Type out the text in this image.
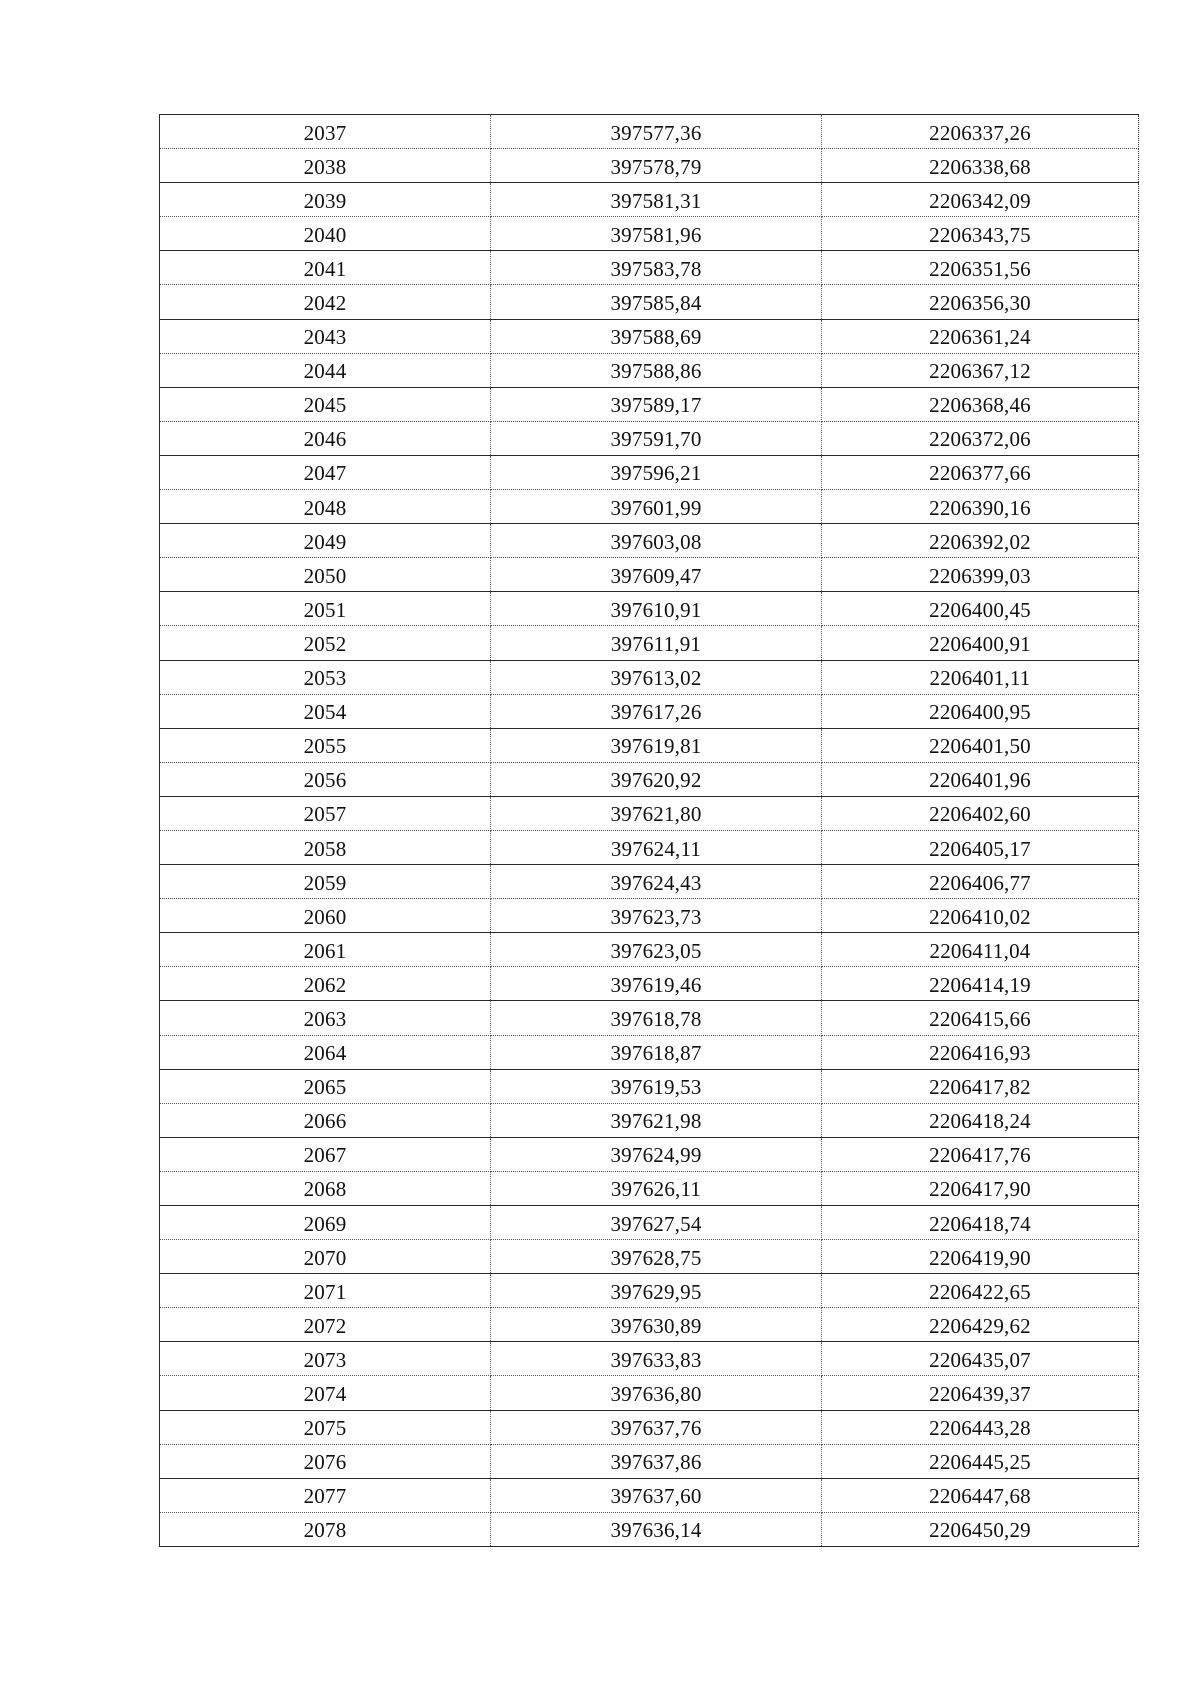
2037	397577,36	2206337,26
2038	397578,79	2206338,68
2039	397581,31	2206342,09
2040	397581,96	2206343,75
2041	397583,78	2206351,56
2042	397585,84	2206356,30
2043	397588,69	2206361,24
2044	397588,86	2206367,12
2045	397589,17	2206368,46
2046	397591,70	2206372,06
2047	397596,21	2206377,66
2048	397601,99	2206390,16
2049	397603,08	2206392,02
2050	397609,47	2206399,03
2051	397610,91	2206400,45
2052	397611,91	2206400,91
2053	397613,02	2206401,11
2054	397617,26	2206400,95
2055	397619,81	2206401,50
2056	397620,92	2206401,96
2057	397621,80	2206402,60
2058	397624,11	2206405,17
2059	397624,43	2206406,77
2060	397623,73	2206410,02
2061	397623,05	2206411,04
2062	397619,46	2206414,19
2063	397618,78	2206415,66
2064	397618,87	2206416,93
2065	397619,53	2206417,82
2066	397621,98	2206418,24
2067	397624,99	2206417,76
2068	397626,11	2206417,90
2069	397627,54	2206418,74
2070	397628,75	2206419,90
2071	397629,95	2206422,65
2072	397630,89	2206429,62
2073	397633,83	2206435,07
2074	397636,80	2206439,37
2075	397637,76	2206443,28
2076	397637,86	2206445,25
2077	397637,60	2206447,68
2078	397636,14	2206450,29
